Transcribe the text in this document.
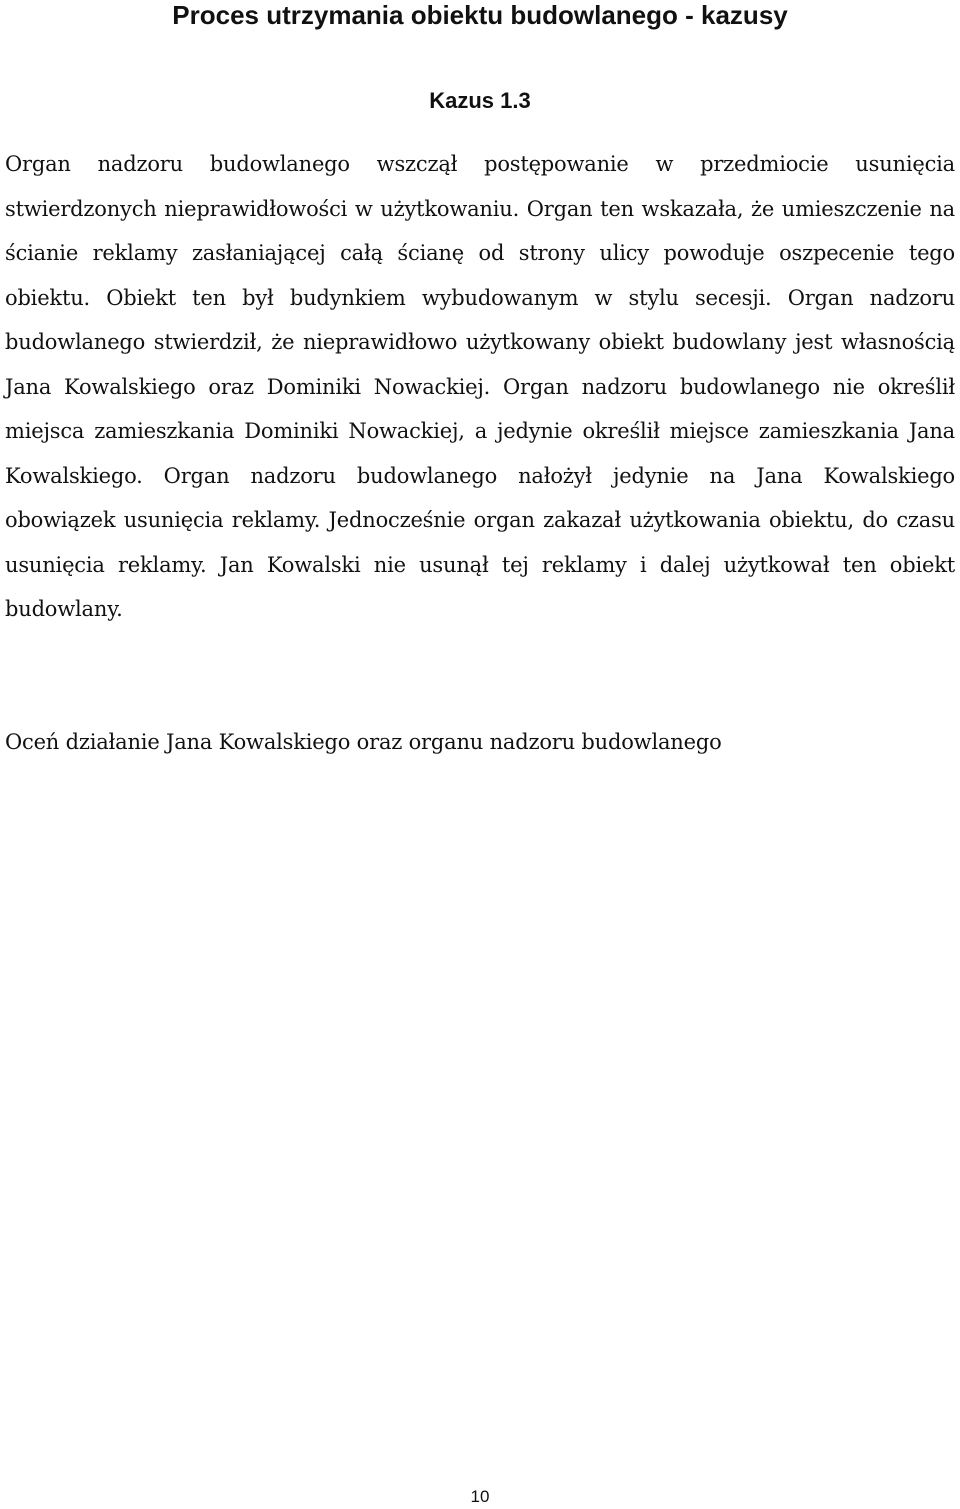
Proces utrzymania obiektu budowlanego - kazusy
Kazus 1.3

Organ nadzoru budowlanego wszczął postępowanie w przedmiocie usunięcia stwierdzonych nieprawidłowości w użytkowaniu. Organ ten wskazała, że umieszczenie na ścianie reklamy zasłaniającej całą ścianę od strony ulicy powoduje oszpecenie tego obiektu. Obiekt ten był budynkiem wybudowanym w stylu secesji. Organ nadzoru budowlanego stwierdził, że nieprawidłowo użytkowany obiekt budowlany jest własnością Jana Kowalskiego oraz Dominiki Nowackiej. Organ nadzoru budowlanego nie określił miejsca zamieszkania Dominiki Nowackiej, a jedynie określił miejsce zamieszkania Jana Kowalskiego. Organ nadzoru budowlanego nałożył jedynie na Jana Kowalskiego obowiązek usunięcia reklamy. Jednocześnie organ zakazał użytkowania obiektu, do czasu usunięcia reklamy. Jan Kowalski nie usunął tej reklamy i dalej użytkował ten obiekt budowlany.

Oceń działanie Jana Kowalskiego oraz organu nadzoru budowlanego

10
